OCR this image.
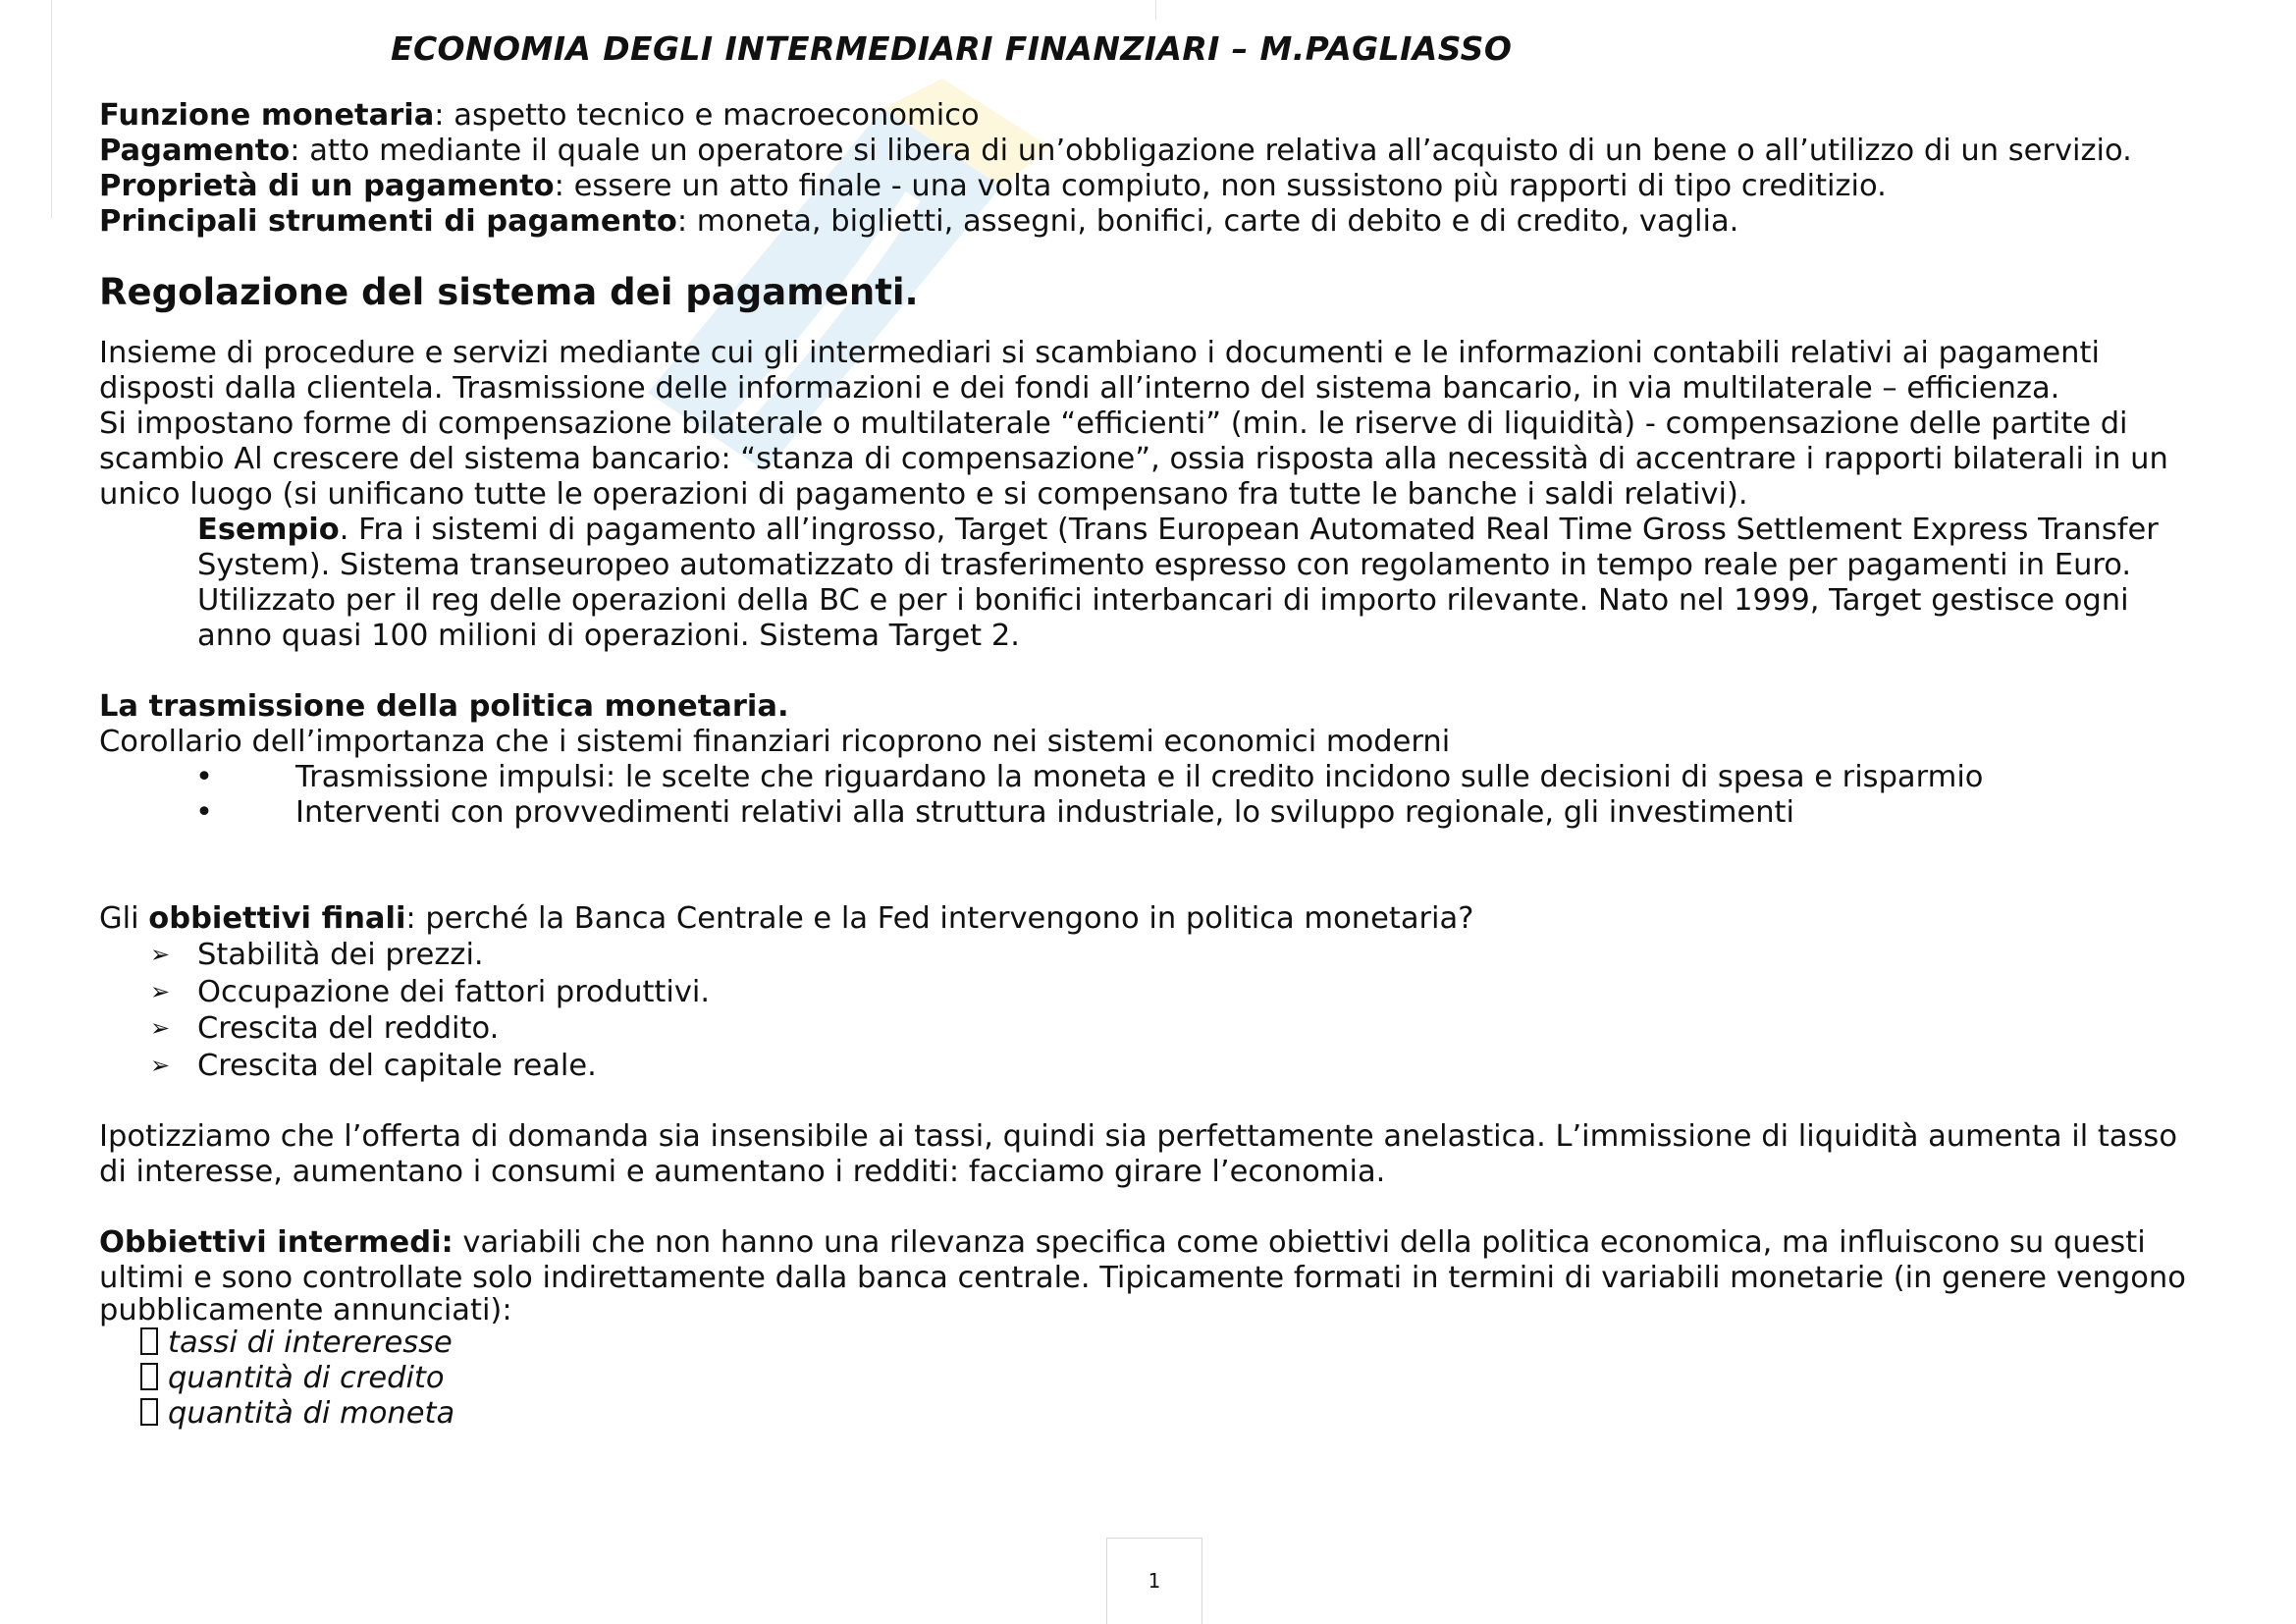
ECONOMIA DEGLI INTERMEDIARI FINANZIARI – M.PAGLIASSO
Funzione monetaria: aspetto tecnico e macroeconomico
Pagamento: atto mediante il quale un operatore si libera di un’obbligazione relativa all’acquisto di un bene o all’utilizzo di un servizio.
Proprietà di un pagamento: essere un atto finale - una volta compiuto, non sussistono più rapporti di tipo creditizio.
Principali strumenti di pagamento: moneta, biglietti, assegni, bonifici, carte di debito e di credito, vaglia.
Regolazione del sistema dei pagamenti.
Insieme di procedure e servizi mediante cui gli intermediari si scambiano i documenti e le informazioni contabili relativi ai pagamenti
disposti dalla clientela. Trasmissione delle informazioni e dei fondi all’interno del sistema bancario, in via multilaterale – efficienza.
Si impostano forme di compensazione bilaterale o multilaterale “efficienti” (min. le riserve di liquidità) - compensazione delle partite di
scambio Al crescere del sistema bancario: “stanza di compensazione”, ossia risposta alla necessità di accentrare i rapporti bilaterali in un
unico luogo (si unificano tutte le operazioni di pagamento e si compensano fra tutte le banche i saldi relativi).
Esempio. Fra i sistemi di pagamento all’ingrosso, Target (Trans European Automated Real Time Gross Settlement Express Transfer
System). Sistema transeuropeo automatizzato di trasferimento espresso con regolamento in tempo reale per pagamenti in Euro.
Utilizzato per il reg delle operazioni della BC e per i bonifici interbancari di importo rilevante. Nato nel 1999, Target gestisce ogni
anno quasi 100 milioni di operazioni. Sistema Target 2.
La trasmissione della politica monetaria.
Corollario dell’importanza che i sistemi finanziari ricoprono nei sistemi economici moderni
•	Trasmissione impulsi: le scelte che riguardano la moneta e il credito incidono sulle decisioni di spesa e risparmio
•	Interventi con provvedimenti relativi alla struttura industriale, lo sviluppo regionale, gli investimenti
Gli obbiettivi finali: perché la Banca Centrale e la Fed intervengono in politica monetaria?
➢ Stabilità dei prezzi.
➢ Occupazione dei fattori produttivi.
➢ Crescita del reddito.
➢ Crescita del capitale reale.
Ipotizziamo che l’offerta di domanda sia insensibile ai tassi, quindi sia perfettamente anelastica. L’immissione di liquidità aumenta il tasso
di interesse, aumentano i consumi e aumentano i redditi: facciamo girare l’economia.
Obbiettivi intermedi: variabili che non hanno una rilevanza specifica come obiettivi della politica economica, ma influiscono su questi
ultimi e sono controllate solo indirettamente dalla banca centrale. Tipicamente formati in termini di variabili monetarie (in genere vengono
pubblicamente annunciati):
tassi di intereresse
quantità di credito
quantità di moneta
1
